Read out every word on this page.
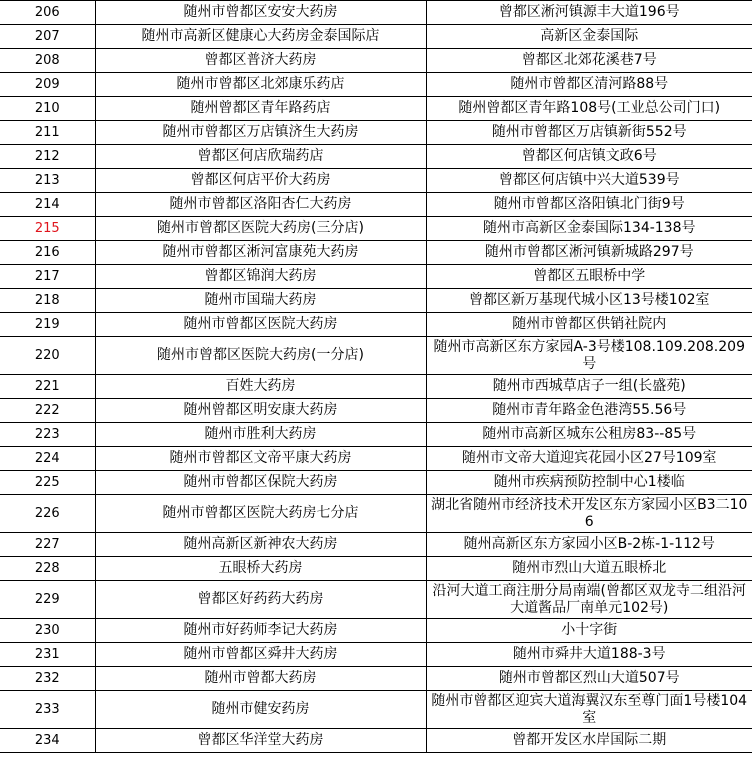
206	随州市曾都区安安大药房	曾都区淅河镇源丰大道196号
207	随州市高新区健康心大药房金泰国际店	高新区金泰国际
208	曾都区普济大药房	曾都区北郊花溪巷7号
209	随州市曾都区北郊康乐药店	随州市曾都区清河路88号
210	随州曾都区青年路药店	随州曾都区青年路108号(工业总公司门口)
211	随州市曾都区万店镇济生大药房	随州市曾都区万店镇新街552号
212	曾都区何店欣瑞药店	曾都区何店镇文政6号
213	曾都区何店平价大药房	曾都区何店镇中兴大道539号
214	随州市曾都区洛阳杏仁大药房	随州市曾都区洛阳镇北门街9号
215	随州市曾都区医院大药房(三分店)	随州市高新区金泰国际134-138号
216	随州市曾都区淅河富康苑大药房	随州市曾都区淅河镇新城路297号
217	曾都区锦润大药房	曾都区五眼桥中学
218	随州市国瑞大药房	曾都区新万基现代城小区13号楼102室
219	随州市曾都区医院大药房	随州市曾都区供销社院内
220	随州市曾都区医院大药房(一分店)	随州市高新区东方家园A-3号楼108.109.208.209号
221	百姓大药房	随州市西城草店子一组(长盛苑)
222	随州曾都区明安康大药房	随州市青年路金色港湾55.56号
223	随州市胜利大药房	随州市高新区城东公租房83--85号
224	随州市曾都区文帝平康大药房	随州市文帝大道迎宾花园小区27号109室
225	随州市曾都区保院大药房	随州市疾病预防控制中心1楼临
226	随州市曾都区医院大药房七分店	湖北省随州市经济技术开发区东方家园小区B3二106
227	随州高新区新神农大药房	随州高新区东方家园小区B-2栋-1-112号
228	五眼桥大药房	随州市烈山大道五眼桥北
229	曾都区好药药大药房	沿河大道工商注册分局南端(曾都区双龙寺二组沿河大道酱品厂南单元102号)
230	随州市好药师李记大药房	小十字街
231	随州市曾都区舜井大药房	随州市舜井大道188-3号
232	随州市曾都大药房	随州市曾都区烈山大道507号
233	随州市健安药房	随州市曾都区迎宾大道海翼汉东至尊门面1号楼104室
234	曾都区华洋堂大药房	曾都开发区水岸国际二期
